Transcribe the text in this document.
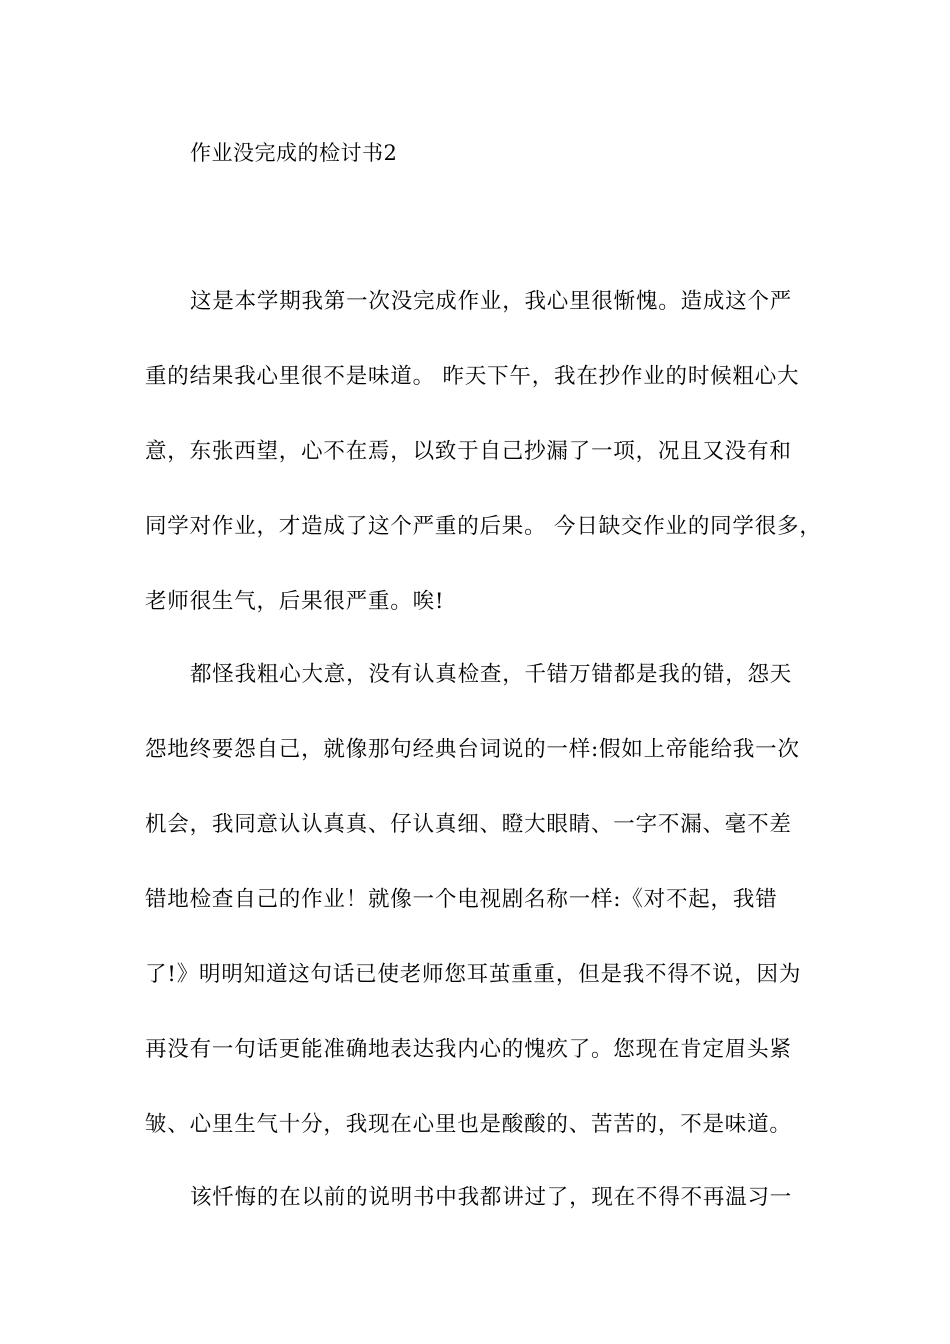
作业没完成的检讨书2
这是本学期我第一次没完成作业，我心里很惭愧。造成这个严
重的结果我心里很不是味道。 昨天下午，我在抄作业的时候粗心大
意，东张西望，心不在焉，以致于自己抄漏了一项，况且又没有和
同学对作业，才造成了这个严重的后果。 今日缺交作业的同学很多，
老师很生气，后果很严重。唉!
都怪我粗心大意，没有认真检查，千错万错都是我的错，怨天
怨地终要怨自己，就像那句经典台词说的一样:假如上帝能给我一次
机会，我同意认认真真、仔认真细、瞪大眼睛、一字不漏、毫不差
错地检查自己的作业！就像一个电视剧名称一样:《对不起，我错
了!》明明知道这句话已使老师您耳茧重重，但是我不得不说，因为
再没有一句话更能准确地表达我内心的愧疚了。您现在肯定眉头紧
皱、心里生气十分，我现在心里也是酸酸的、苦苦的，不是味道。
该忏悔的在以前的说明书中我都讲过了，现在不得不再温习一
